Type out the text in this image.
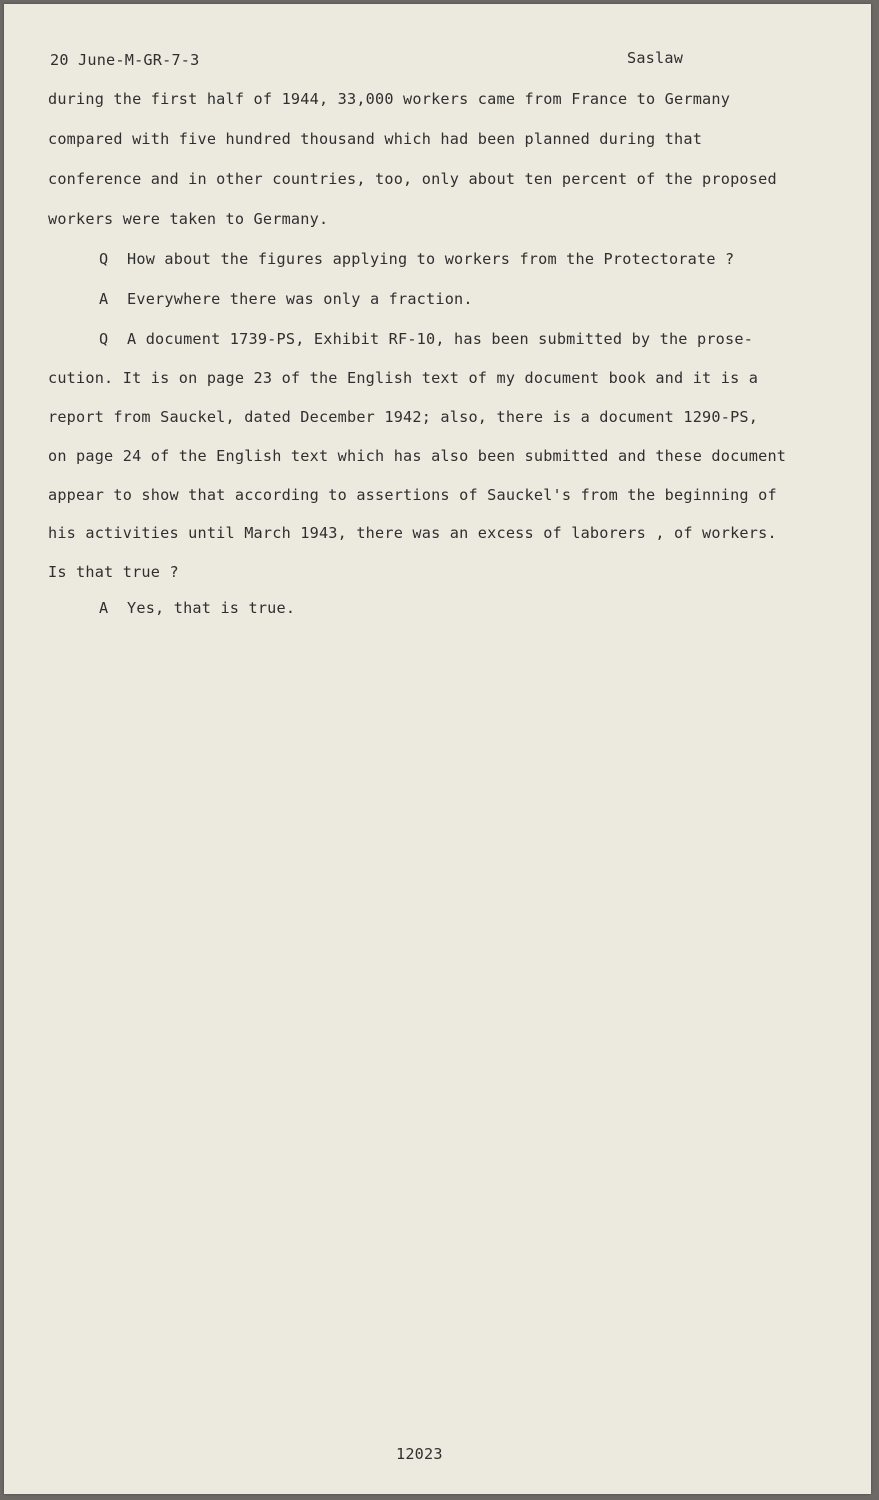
20 June-M-GR-7-3	Saslaw
during the first half of 1944, 33,000 workers came from France to Germany
compared with five hundred thousand which had been planned during that
conference and in other countries, too, only about ten percent of the proposed
workers were taken to Germany.
Q  How about the figures applying to workers from the Protectorate ?
A  Everywhere there was only a fraction.
Q  A document 1739-PS, Exhibit RF-10, has been submitted by the prose-
cution. It is on page 23 of the English text of my document book and it is a
report from Sauckel, dated December 1942; also, there is a document 1290-PS,
on page 24 of the English text which has also been submitted and these document
appear to show that according to assertions of Sauckel's from the beginning of
his activities until March 1943, there was an excess of laborers , of workers.
Is that true ?
A  Yes, that is true.
12023
